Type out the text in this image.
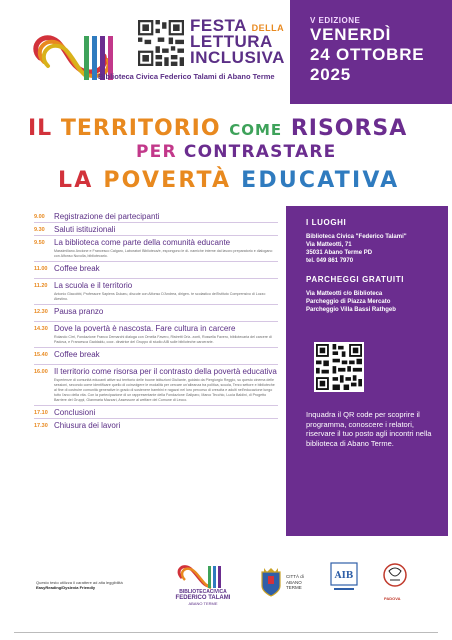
FESTA DELLA
LETTURA
INCLUSIVA
Biblioteca Civica Federico Talami di Abano Terme
V EDIZIONE
VENERDÌ
24 OTTOBRE
2025
IL TERRITORIO COME RISORSA
PER CONTRASTARE
LA POVERTÀ EDUCATIVA
9.00	Registrazione dei partecipanti
9.30	Saluti istituzionali
9.50	La biblioteca come parte della comunità educante
Massimiliano Ancione e Francesco Calgaro, Laboratori Biblioteca/e, espongono le di- namiche interne dal lavoro preparatorio e dialogano con Alfonso Nuvolla, bibliotecario.
11.00 Coffee break
11.20 La scuola e il territorio
Antonio Giacobbi, Professore Sapiens Dukaru, discute con Alfonso D'Andrea, dirigen- te scolastico dell'Istituto Comprensivo di Lozzo Atestino.
12.30 Pausa pranzo
14.30 Dove la povertà è nascosta. Fare cultura in carcere
Rolando Cirri, Fondazione Franco Demarchi dialoga con Ornella Favero, Ristretti Oriz- zonti, Rossella Favero, bibliotecaria del carcere di Padova, e Francesca Gaddaldu, coor- dinatrice del Gruppo di studio AIB sulle biblioteche carcerarie.
15.40 Coffee break
16.00 Il territorio come risorsa per il contrasto della povertà educativa
Esperienze di comunità educanti attive sul territorio delle buone istituzioni Giuliante, guidato da Piergiorgio Reggio, su questo cinema delle sessioni, secondo come identificare quello di coinvolgere le modalità per cercare un'alleanza tra politica, scuola, Terzo settore e biblioteche al fine di costruire comunità generative in grado di sostenere bambini e ragazzi nel loro percorso di crescita e adulti nell'educazione lungo tutto l'arco della vita. Con la partecipazione di un rappresentante della Fondazione Galiparo, Marco Tecchio, Lucia Baldini, di Progetto Barriere dei Gruppi, Gianmaria Mazzari, Assessore al welfare del Comune di Lecco.
17.10 Conclusioni
17.30 Chiusura dei lavori
I LUOGHI
Biblioteca Civica "Federico Talami"
Via Matteotti, 71
35031 Abano Terme PD
tel. 049 861 7970
PARCHEGGI GRATUITI
Via Matteotti c/o Biblioteca
Parcheggio di Piazza Mercato
Parcheggio Villa Bassi Rathgeb
Inquadra il QR code per scoprire il programma, conoscere i relatori, riservare il tuo posto agli incontri nella biblioteca di Abano Terme.
Questo testo utilizza il carattere ad alta leggibilità EasyReading/Dyslexia Friendly
BIBLIOTECACIVICA
FEDERICO TALAMI
ABANO TERME
CITTÀ di
ABANO
TERME
AIB
PADOVA
